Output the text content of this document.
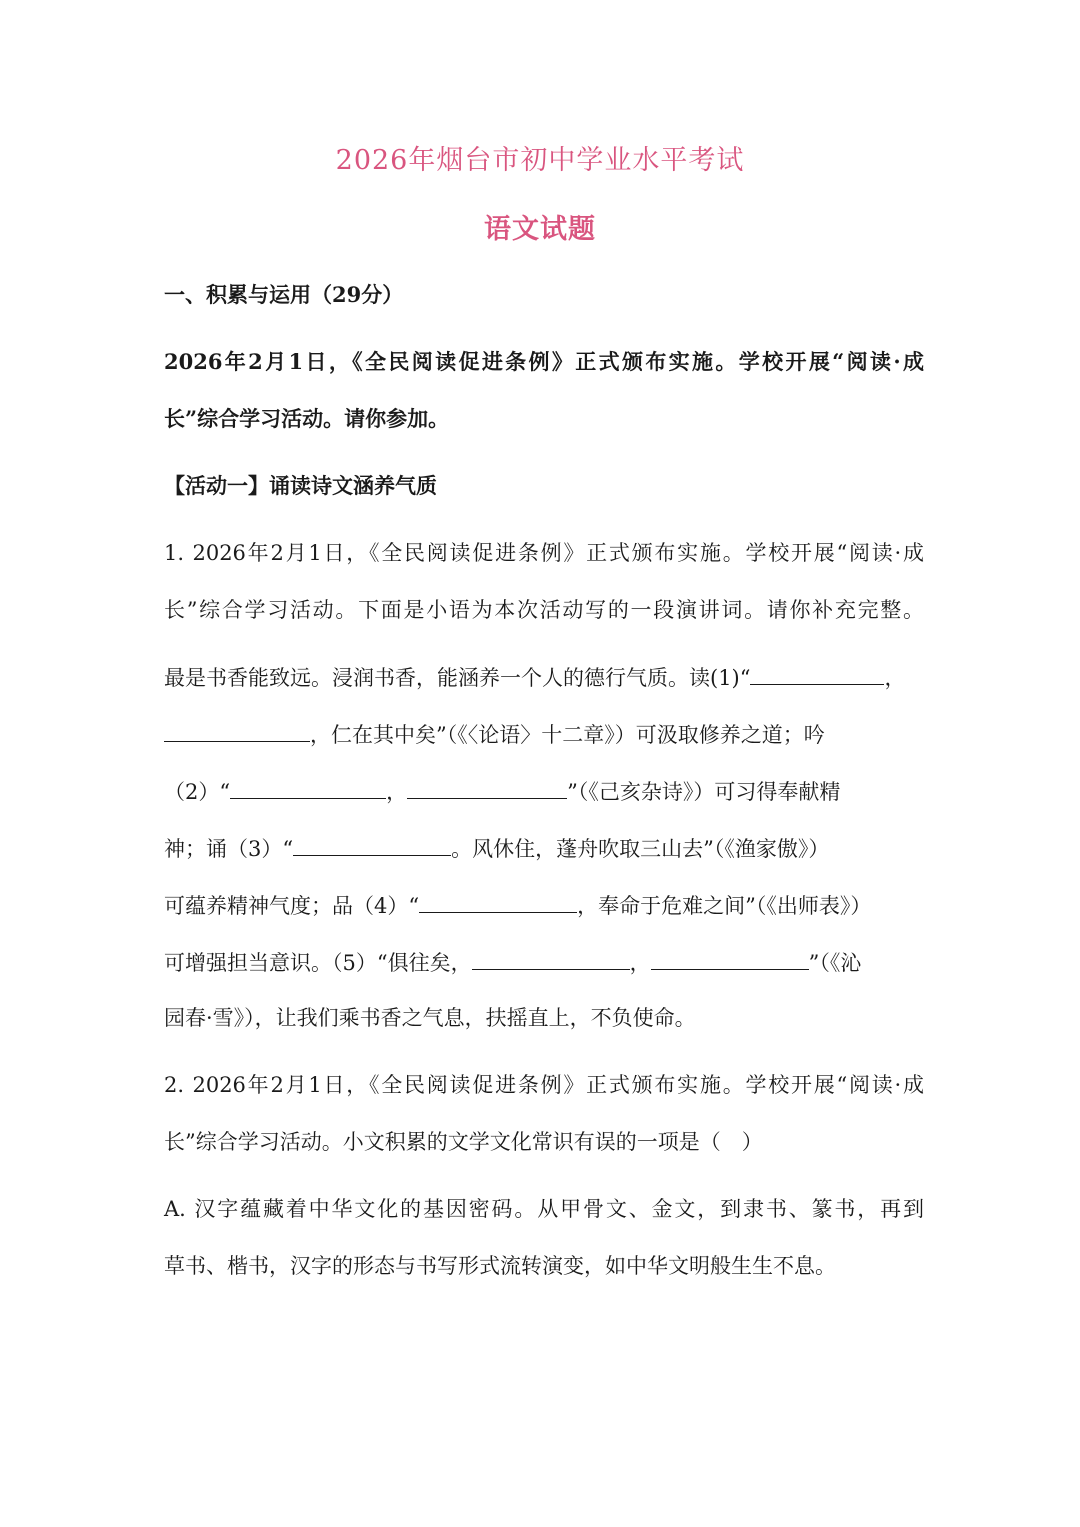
2026年烟台市初中学业水平考试
语文试题
一、积累与运用（29分）
2026年2月1日，《全民阅读促进条例》正式颁布实施。学校开展“阅读·成
长”综合学习活动。请你参加。
【活动一】诵读诗文涵养气质
1. 2026年2月1日，《全民阅读促进条例》正式颁布实施。学校开展“阅读·成
长”综合学习活动。下面是小语为本次活动写的一段演讲词。请你补充完整。
最是书香能致远。浸润书香，能涵养一个人的德行气质。读(1)“	，
，仁在其中矣”（《〈论语〉十二章》）可汲取修养之道；吟
（2）“	，	”（《己亥杂诗》）可习得奉献精
神；诵（3）“	。风休住，蓬舟吹取三山去”（《渔家傲》）
可蕴养精神气度；品（4）“	，奉命于危难之间”（《出师表》）
可增强担当意识。（5）“俱往矣，	，	”（《沁
园春·雪》），让我们乘书香之气息，扶摇直上，不负使命。
2. 2026年2月1日，《全民阅读促进条例》正式颁布实施。学校开展“阅读·成
长”综合学习活动。小文积累的文学文化常识有误的一项是（　）
A. 汉字蕴藏着中华文化的基因密码。从甲骨文、金文，到隶书、篆书，再到
草书、楷书，汉字的形态与书写形式流转演变，如中华文明般生生不息。
